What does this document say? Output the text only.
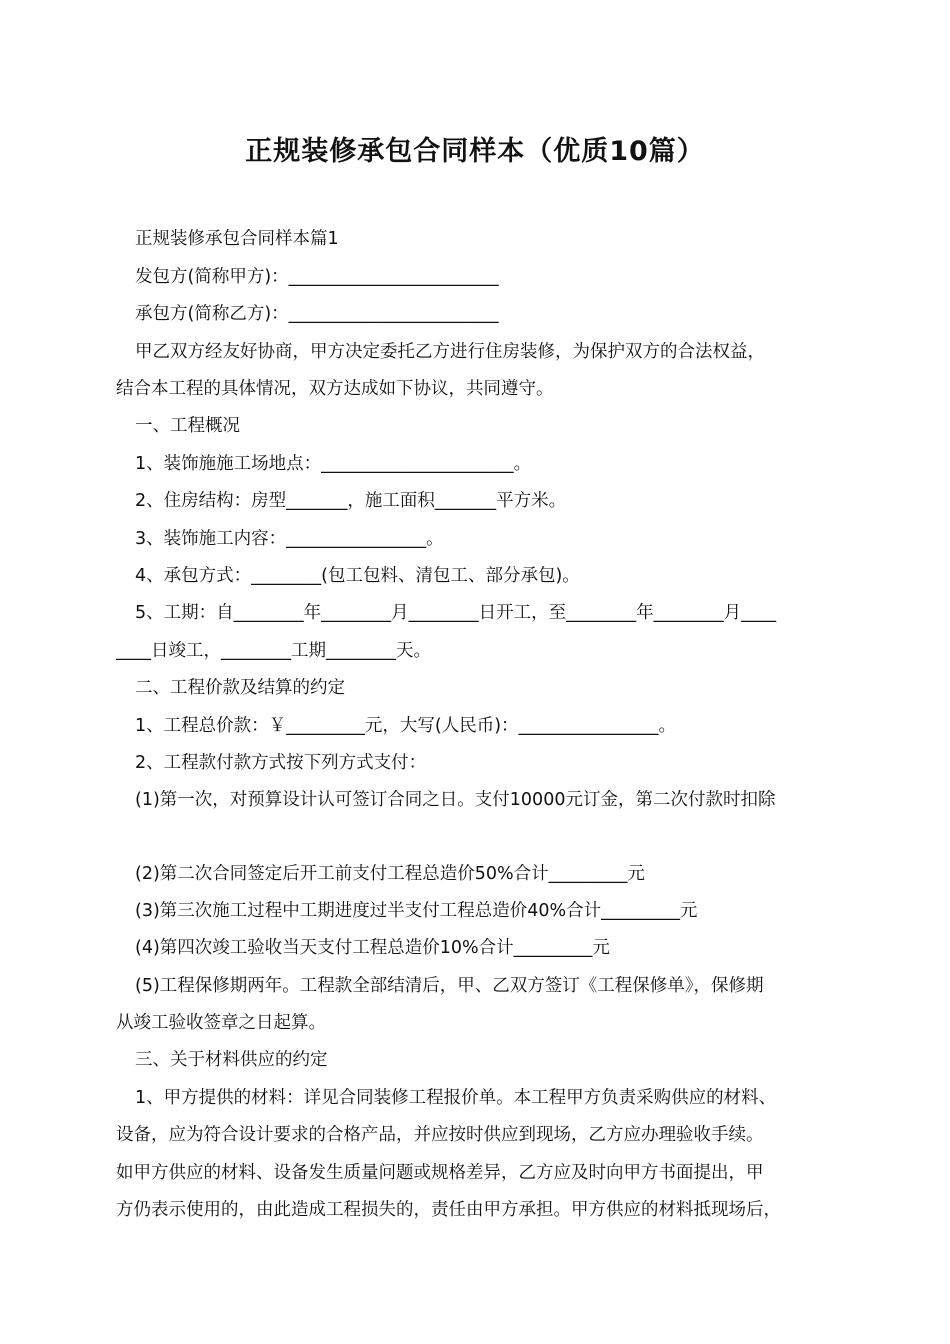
正规装修承包合同样本（优质10篇）
正规装修承包合同样本篇1
发包方(简称甲方)：________________________
承包方(简称乙方)：________________________
甲乙双方经友好协商，甲方决定委托乙方进行住房装修，为保护双方的合法权益，
结合本工程的具体情况，双方达成如下协议，共同遵守。
一、工程概况
1、装饰施施工场地点：______________________。
2、住房结构：房型_______，施工面积_______平方米。
3、装饰施工内容：________________。
4、承包方式：________(包工包料、清包工、部分承包)。
5、工期：自________年________月________日开工，至________年________月____
____日竣工，________工期________天。
二、工程价款及结算的约定
1、工程总价款：￥_________元，大写(人民币)：________________。
2、工程款付款方式按下列方式支付：
(1)第一次，对预算设计认可签订合同之日。支付10000元订金，第二次付款时扣除
(2)第二次合同签定后开工前支付工程总造价50%合计_________元
(3)第三次施工过程中工期进度过半支付工程总造价40%合计_________元
(4)第四次竣工验收当天支付工程总造价10%合计_________元
(5)工程保修期两年。工程款全部结清后，甲、乙双方签订《工程保修单》，保修期
从竣工验收签章之日起算。
三、关于材料供应的约定
1、甲方提供的材料：详见合同装修工程报价单。本工程甲方负责采购供应的材料、
设备，应为符合设计要求的合格产品，并应按时供应到现场，乙方应办理验收手续。
如甲方供应的材料、设备发生质量问题或规格差异，乙方应及时向甲方书面提出，甲
方仍表示使用的，由此造成工程损失的，责任由甲方承担。甲方供应的材料抵现场后，
